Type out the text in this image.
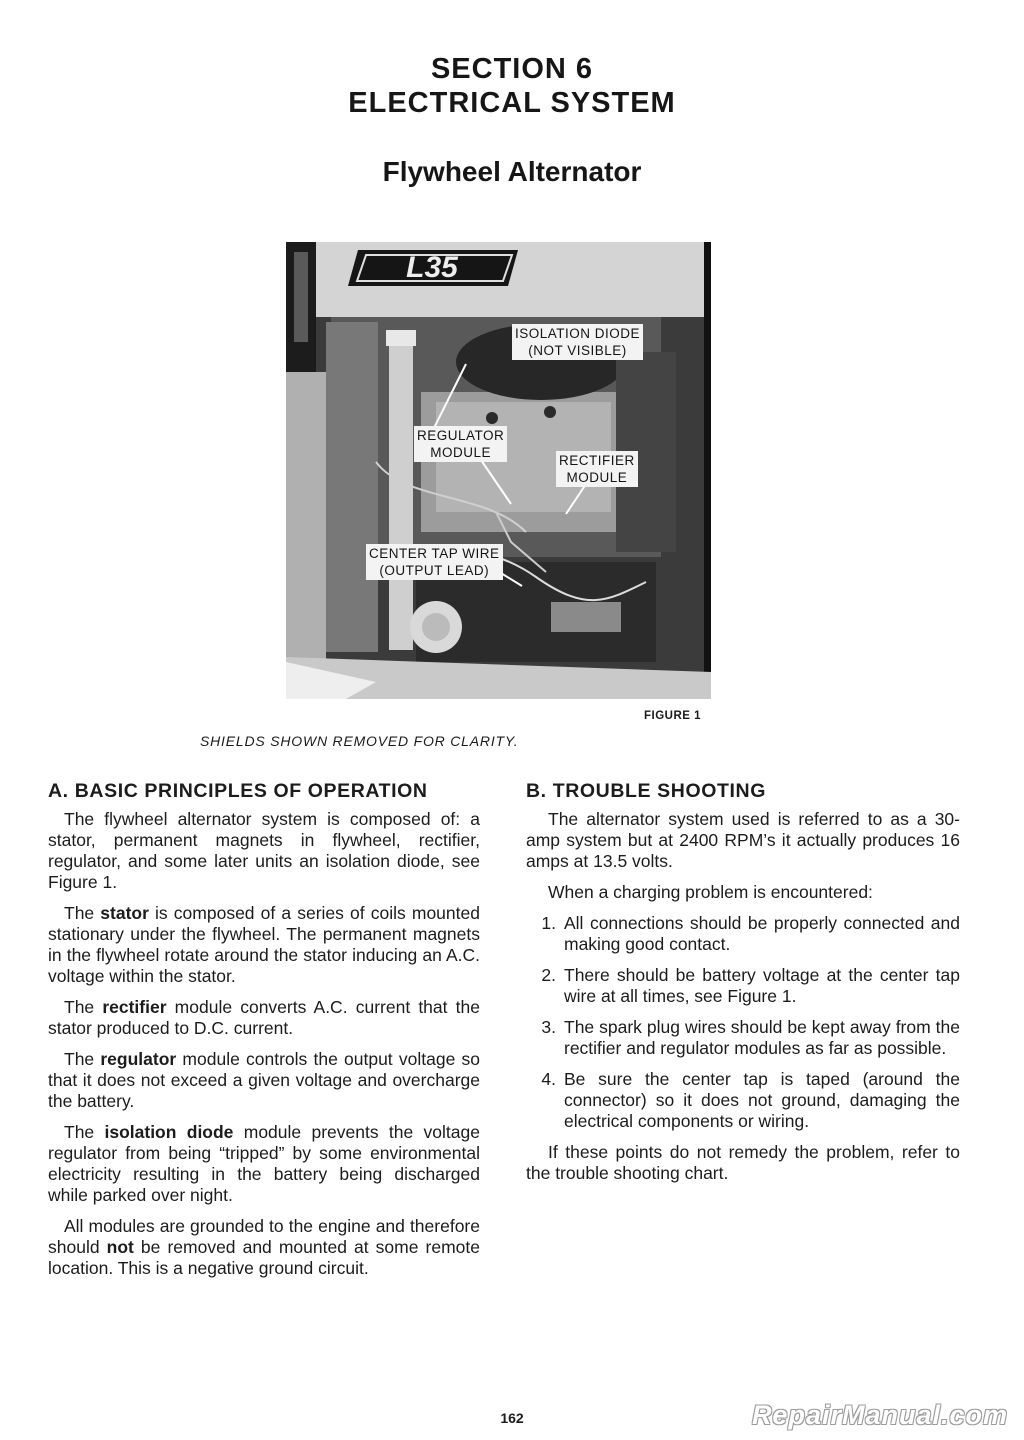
SECTION 6
ELECTRICAL SYSTEM
Flywheel Alternator
L35
ISOLATION DIODE
(NOT VISIBLE)
REGULATOR
MODULE
RECTIFIER
MODULE
CENTER TAP WIRE
(OUTPUT LEAD)
FIGURE 1
SHIELDS SHOWN REMOVED FOR CLARITY.
A. BASIC PRINCIPLES OF OPERATION

The flywheel alternator system is composed of: a stator, permanent magnets in flywheel, rectifier, regulator, and some later units an isolation diode, see Figure 1.

The stator is composed of a series of coils mounted stationary under the flywheel. The permanent magnets in the flywheel rotate around the stator inducing an A.C. voltage within the stator.

The rectifier module converts A.C. current that the stator produced to D.C. current.

The regulator module controls the output voltage so that it does not exceed a given voltage and overcharge the battery.

The isolation diode module prevents the voltage regulator from being “tripped” by some environmental electricity resulting in the battery being discharged while parked over night.

All modules are grounded to the engine and therefore should not be removed and mounted at some remote location. This is a negative ground circuit.

B. TROUBLE SHOOTING

The alternator system used is referred to as a 30-amp system but at 2400 RPM’s it actually produces 16 amps at 13.5 volts.

When a charging problem is encountered:

1. All connections should be properly connected and making good contact.
2. There should be battery voltage at the center tap wire at all times, see Figure 1.
3. The spark plug wires should be kept away from the rectifier and regulator modules as far as possible.
4. Be sure the center tap is taped (around the connector) so it does not ground, damaging the electrical components or wiring.

If these points do not remedy the problem, refer to the trouble shooting chart.

162	RepairManual.com
